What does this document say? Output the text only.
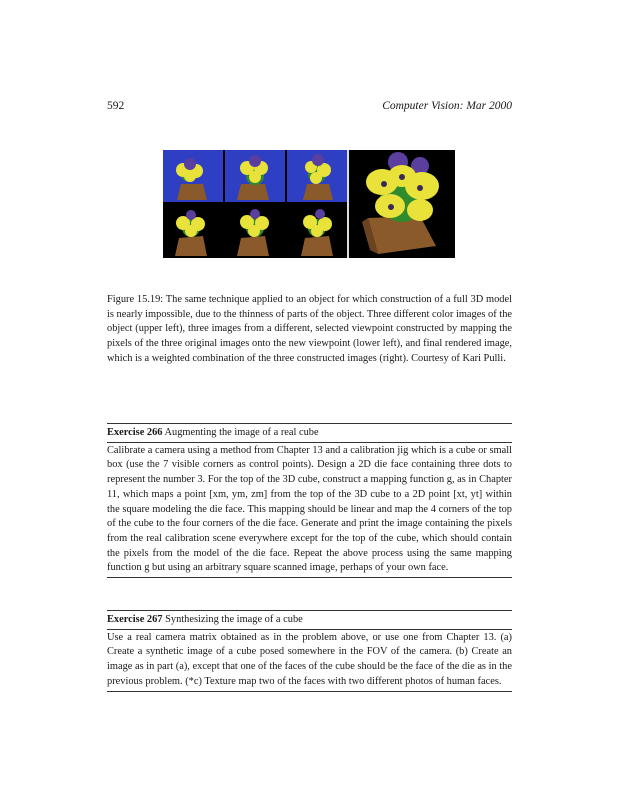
592	Computer Vision: Mar 2000
Figure 15.19: The same technique applied to an object for which construction of a full 3D model is nearly impossible, due to the thinness of parts of the object. Three different color images of the object (upper left), three images from a different, selected viewpoint constructed by mapping the pixels of the three original images onto the new viewpoint (lower left), and final rendered image, which is a weighted combination of the three constructed images (right). Courtesy of Kari Pulli.
Exercise 266 Augmenting the image of a real cube
Calibrate a camera using a method from Chapter 13 and a calibration jig which is a cube or small box (use the 7 visible corners as control points). Design a 2D die face containing three dots to represent the number 3. For the top of the 3D cube, construct a mapping function g, as in Chapter 11, which maps a point [xm, ym, zm] from the top of the 3D cube to a 2D point [xt, yt] within the square modeling the die face. This mapping should be linear and map the 4 corners of the top of the cube to the four corners of the die face. Generate and print the image containing the pixels from the real calibration scene everywhere except for the top of the cube, which should contain the pixels from the model of the die face. Repeat the above process using the same mapping function g but using an arbitrary square scanned image, perhaps of your own face.
Exercise 267 Synthesizing the image of a cube
Use a real camera matrix obtained as in the problem above, or use one from Chapter 13. (a) Create a synthetic image of a cube posed somewhere in the FOV of the camera. (b) Create an image as in part (a), except that one of the faces of the cube should be the face of the die as in the previous problem. (*c) Texture map two of the faces with two different photos of human faces.
